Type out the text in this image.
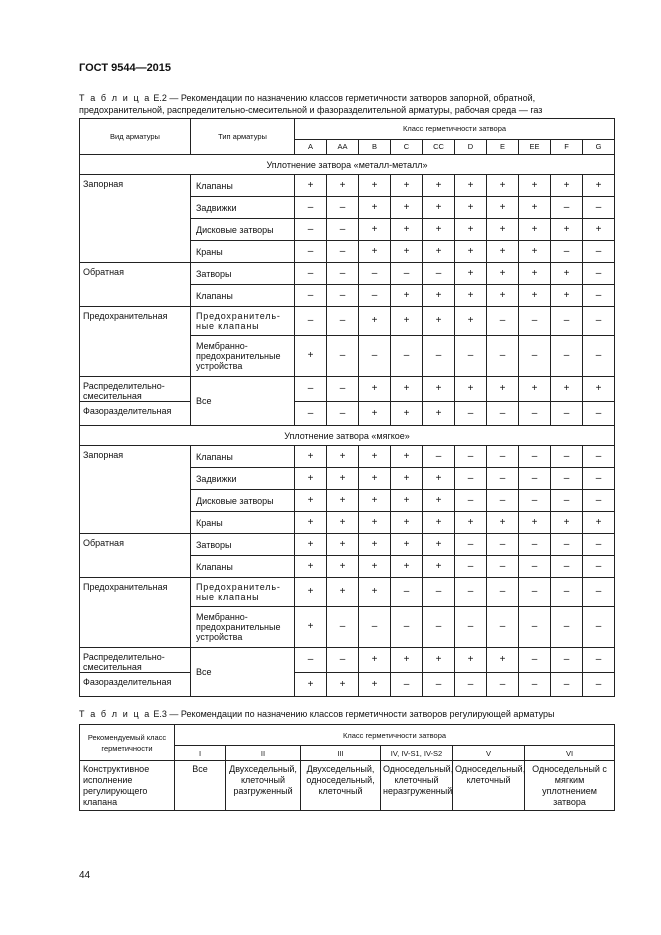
ГОСТ 9544—2015
Т а б л и ц а Е.2 — Рекомендации по назначению классов герметичности затворов запорной, обратной, предохранительной, распределительно-смесительной и фазоразделительной арматуры, рабочая среда — газ
Вид арматуры	Тип арматуры	Класс герметичности затвора									
		A	AA	B	C	CC	D	E	EE	F	G
Уплотнение затвора «металл-металл»											
Запорная	Клапаны	+	+	+	+	+	+	+	+	+	+
	Задвижки	–	–	+	+	+	+	+	+	–	–
	Дисковые затворы	–	–	+	+	+	+	+	+	+	+
	Краны	–	–	+	+	+	+	+	+	–	–
Обратная	Затворы	–	–	–	–	–	+	+	+	+	–
	Клапаны	–	–	–	+	+	+	+	+	+	–
Предохранительная	Предохранитель-ные клапаны	–	–	+	+	+	+	–	–	–	–
	Мембранно-предохранительные устройства	+	–	–	–	–	–	–	–	–	–
Распределительно-смесительная	Все	–	–	+	+	+	+	+	+	+	+
Фазоразделительная		–	–	+	+	+	–	–	–	–	–
Уплотнение затвора «мягкое»											
Запорная	Клапаны	+	+	+	+	–	–	–	–	–	–
	Задвижки	+	+	+	+	+	–	–	–	–	–
	Дисковые затворы	+	+	+	+	+	–	–	–	–	–
	Краны	+	+	+	+	+	+	+	+	+	+
Обратная	Затворы	+	+	+	+	+	–	–	–	–	–
	Клапаны	+	+	+	+	+	–	–	–	–	–
Предохранительная	Предохранитель-ные клапаны	+	+	+	–	–	–	–	–	–	–
	Мембранно-предохранительные устройства	+	–	–	–	–	–	–	–	–	–
Распределительно-смесительная	Все	–	–	+	+	+	+	+	–	–	–
Фазоразделительная		+	+	+	–	–	–	–	–	–	–
Т а б л и ц а Е.3 — Рекомендации по назначению классов герметичности затворов регулирующей арматуры
Рекомендуемый класс герметичности	Класс герметичности затвора					
	I	II	III	IV, IV-S1, IV-S2	V	VI
Конструктивное исполнение регулирующего клапана	Все	Двухседельный, клеточный разгруженный	Двухседельный, односедельный, клеточный	Односедельный, клеточный неразгруженный	Односедельный, клеточный	Односедельный с мягким уплотнением затвора
44
